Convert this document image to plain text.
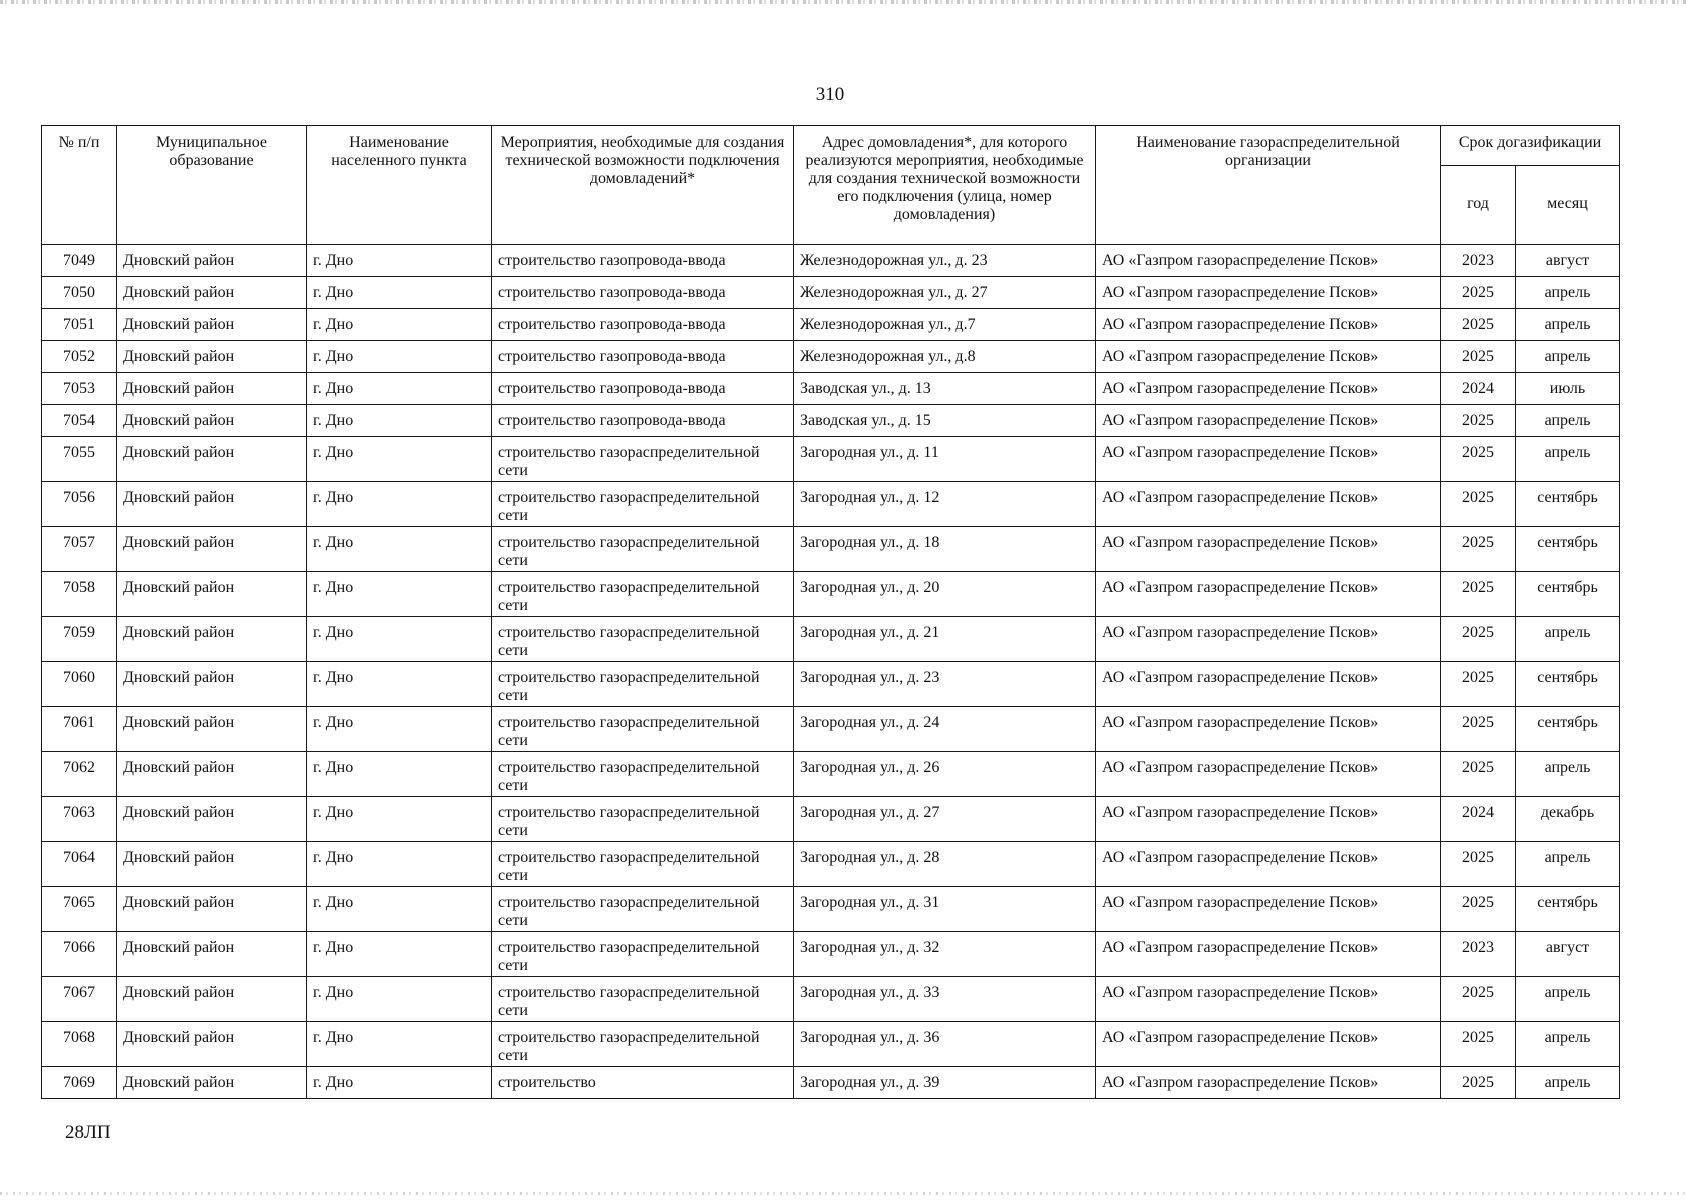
310
№ п/п	Муниципальное образование	Наименование населенного пункта	Мероприятия, необходимые для создания технической возможности подключения домовладений*	Адрес домовладения*, для которого реализуются мероприятия, необходимые для создания технической возможности его подключения (улица, номер домовладения)	Наименование газораспределительной организации	Срок догазификации	
						год	месяц
7049	Дновский район	г. Дно	строительство газопровода-ввода	Железнодорожная ул., д. 23	АО «Газпром газораспределение Псков»	2023	август
7050	Дновский район	г. Дно	строительство газопровода-ввода	Железнодорожная ул., д. 27	АО «Газпром газораспределение Псков»	2025	апрель
7051	Дновский район	г. Дно	строительство газопровода-ввода	Железнодорожная ул., д.7	АО «Газпром газораспределение Псков»	2025	апрель
7052	Дновский район	г. Дно	строительство газопровода-ввода	Железнодорожная ул., д.8	АО «Газпром газораспределение Псков»	2025	апрель
7053	Дновский район	г. Дно	строительство газопровода-ввода	Заводская ул., д. 13	АО «Газпром газораспределение Псков»	2024	июль
7054	Дновский район	г. Дно	строительство газопровода-ввода	Заводская ул., д. 15	АО «Газпром газораспределение Псков»	2025	апрель
7055	Дновский район	г. Дно	строительство газораспределительной сети	Загородная ул., д. 11	АО «Газпром газораспределение Псков»	2025	апрель
7056	Дновский район	г. Дно	строительство газораспределительной сети	Загородная ул., д. 12	АО «Газпром газораспределение Псков»	2025	сентябрь
7057	Дновский район	г. Дно	строительство газораспределительной сети	Загородная ул., д. 18	АО «Газпром газораспределение Псков»	2025	сентябрь
7058	Дновский район	г. Дно	строительство газораспределительной сети	Загородная ул., д. 20	АО «Газпром газораспределение Псков»	2025	сентябрь
7059	Дновский район	г. Дно	строительство газораспределительной сети	Загородная ул., д. 21	АО «Газпром газораспределение Псков»	2025	апрель
7060	Дновский район	г. Дно	строительство газораспределительной сети	Загородная ул., д. 23	АО «Газпром газораспределение Псков»	2025	сентябрь
7061	Дновский район	г. Дно	строительство газораспределительной сети	Загородная ул., д. 24	АО «Газпром газораспределение Псков»	2025	сентябрь
7062	Дновский район	г. Дно	строительство газораспределительной сети	Загородная ул., д. 26	АО «Газпром газораспределение Псков»	2025	апрель
7063	Дновский район	г. Дно	строительство газораспределительной сети	Загородная ул., д. 27	АО «Газпром газораспределение Псков»	2024	декабрь
7064	Дновский район	г. Дно	строительство газораспределительной сети	Загородная ул., д. 28	АО «Газпром газораспределение Псков»	2025	апрель
7065	Дновский район	г. Дно	строительство газораспределительной сети	Загородная ул., д. 31	АО «Газпром газораспределение Псков»	2025	сентябрь
7066	Дновский район	г. Дно	строительство газораспределительной сети	Загородная ул., д. 32	АО «Газпром газораспределение Псков»	2023	август
7067	Дновский район	г. Дно	строительство газораспределительной сети	Загородная ул., д. 33	АО «Газпром газораспределение Псков»	2025	апрель
7068	Дновский район	г. Дно	строительство газораспределительной сети	Загородная ул., д. 36	АО «Газпром газораспределение Псков»	2025	апрель
7069	Дновский район	г. Дно	строительство	Загородная ул., д. 39	АО «Газпром газораспределение Псков»	2025	апрель
28ЛП
